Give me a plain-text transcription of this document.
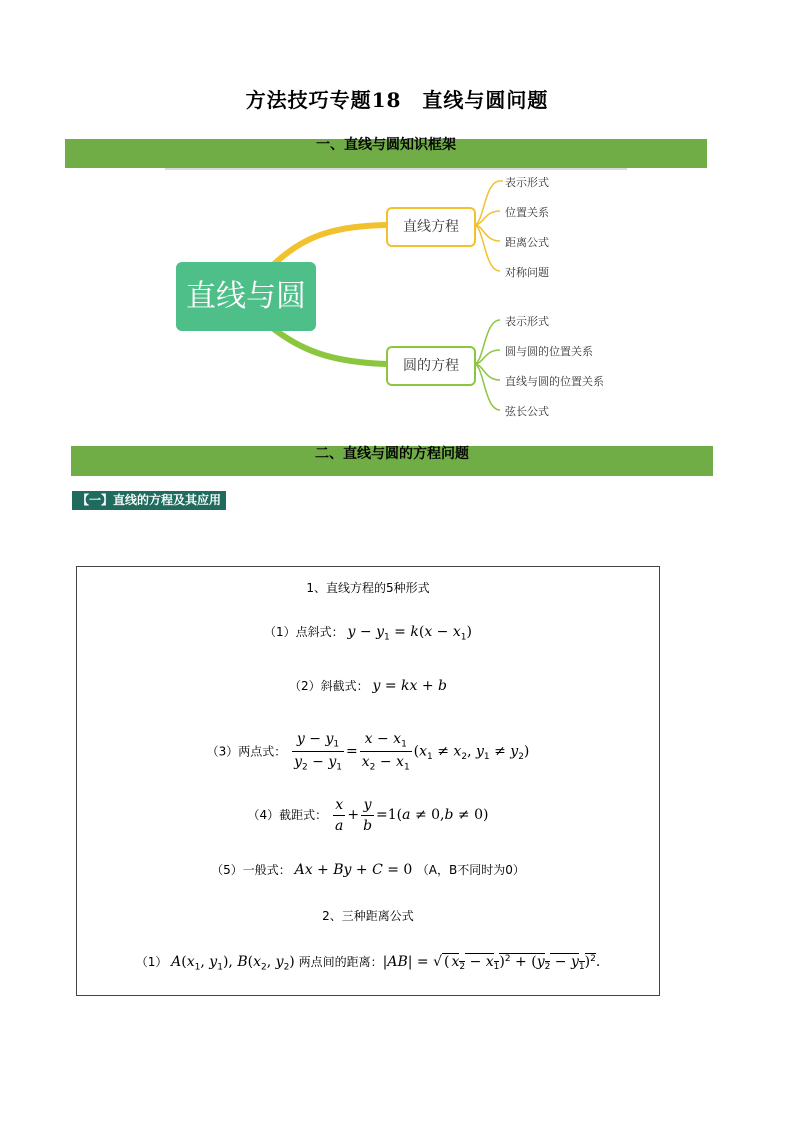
方法技巧专题18　直线与圆问题
一、直线与圆知识框架
直线与圆
直线方程
圆的方程
表示形式
位置关系
距离公式
对称问题
表示形式
圆与圆的位置关系
直线与圆的位置关系
弦长公式
二、直线与圆的方程问题
【一】直线的方程及其应用
1、直线方程的5种形式
（1）点斜式： $y - y_1 = k(x - x_1)$
（2）斜截式： y = kx + b
（3）两点式： $\frac{y - y_1}{y_2 - y_1} = \frac{x - x_1}{x_2 - x_1} (x_1 \ne x_2$, $y_1 \ne y_2$)
（4）截距式： $\frac{x}{a} + \frac{y}{b} =1(a \ne 0,b \ne 0)$
（5）一般式： Ax + By + C = 0 （A，B不同时为0）
2、三种距离公式
（1） $A(x_1$, $y_1$), $B(x_2$, $y_2$) 两点间的距离：|AB| = √ ( $x_2 - x_1)^2 + (y_2 - y_1)^2$.
